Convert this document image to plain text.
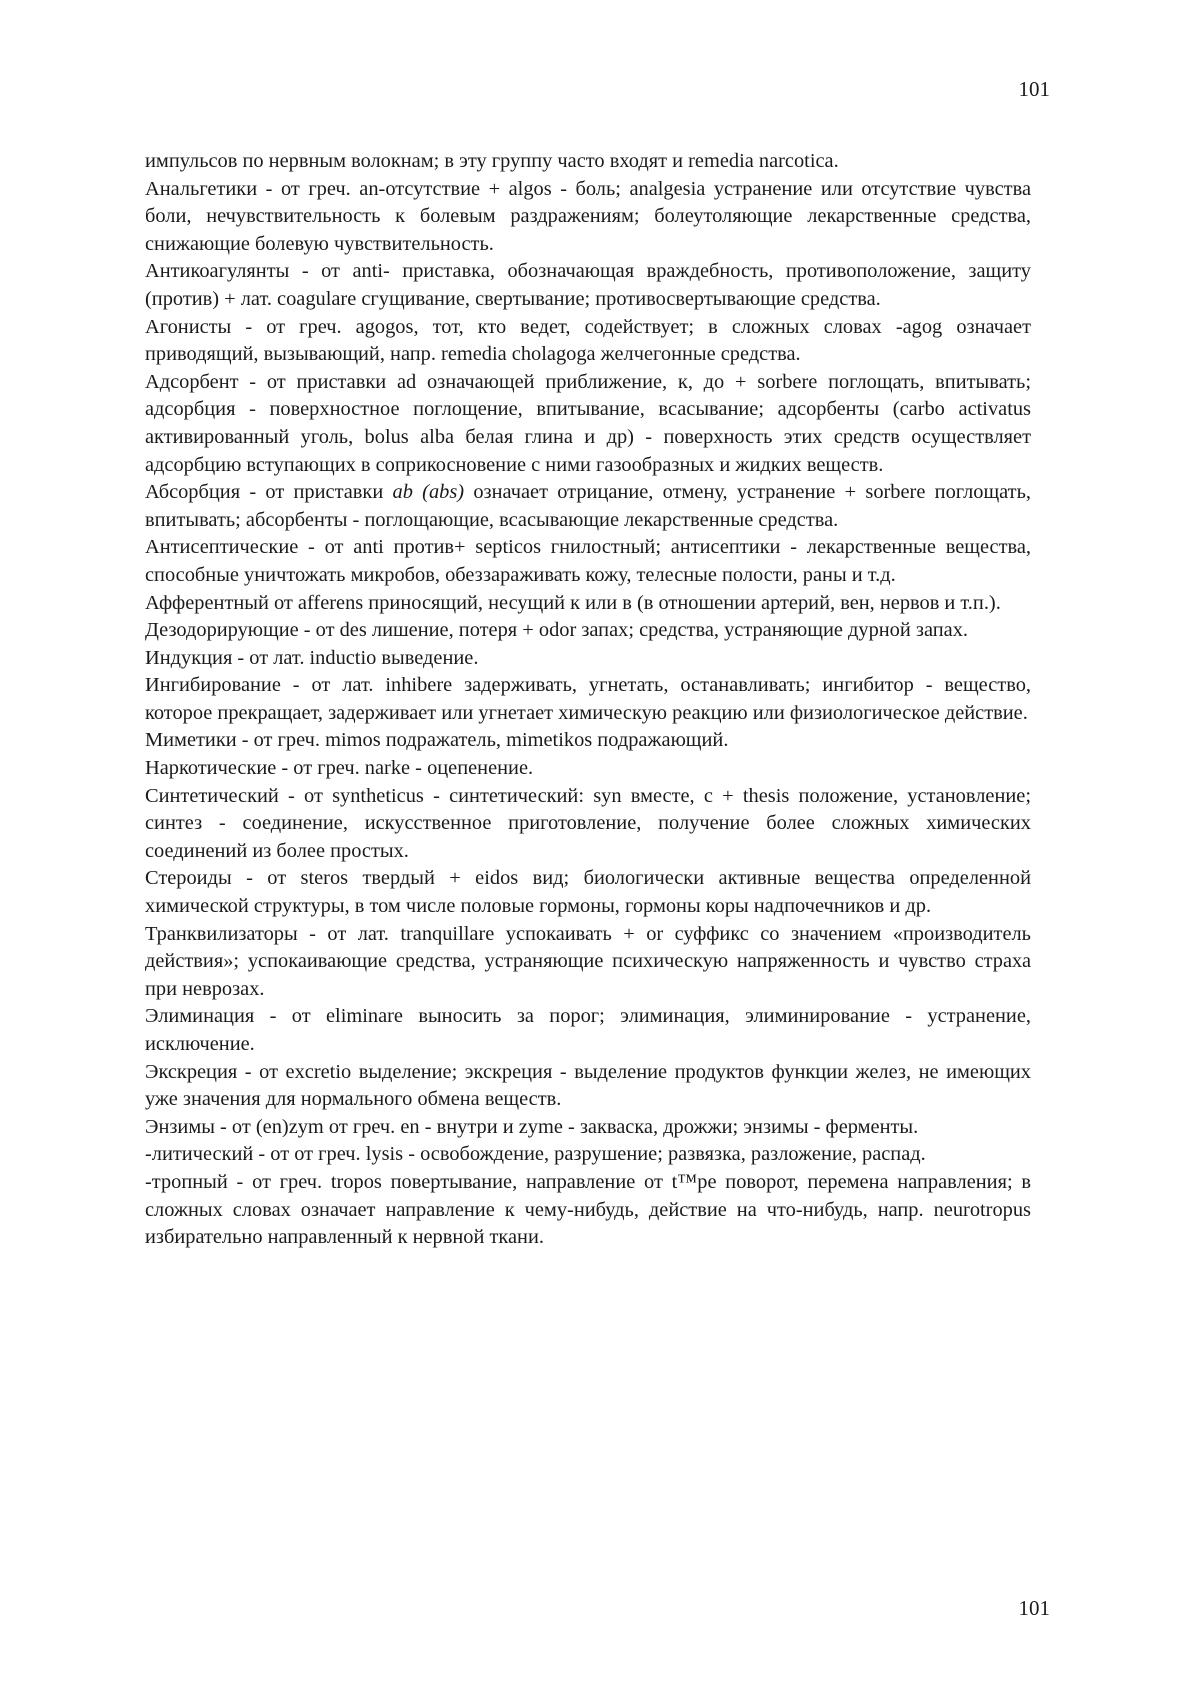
101

импульсов по нервным волокнам; в эту группу часто входят и remedia narcotica.

Анальгетики - от греч. an-отсутствие + algos - боль; analgesia устранение или отсутствие чувства боли, нечувствительность к болевым раздражениям; болеутоляющие лекарственные средства, снижающие болевую чувствительность.

Антикоагулянты - от anti- приставка, обозначающая враждебность, противоположение, защиту (против) + лат. coagulare сгущивание, свертывание; противосвертывающие средства.

Агонисты - от греч. agogos, тот, кто ведет, содействует; в сложных словах -agog означает приводящий, вызывающий, напр. remedia cholagoga желчегонные средства.

Адсорбент - от приставки ad означающей приближение, к, до + sorbere поглощать, впитывать; адсорбция - поверхностное поглощение, впитывание, всасывание; адсорбенты (carbo activatus активированный уголь, bolus alba белая глина и др) - поверхность этих средств осуществляет адсорбцию вступающих в соприкосновение с ними газообразных и жидких веществ.

Абсорбция - от приставки ab (abs) означает отрицание, отмену, устранение + sorbere поглощать, впитывать; абсорбенты - поглощающие, всасывающие лекарственные средства.

Антисептические - от anti против+ septicos гнилостный; антисептики - лекарственные вещества, способные уничтожать микробов, обеззараживать кожу, телесные полости, раны и т.д.

Афферентный от afferens приносящий, несущий к или в (в отношении артерий, вен, нервов и т.п.).

Дезодорирующие - от des лишение, потеря + odor запах; средства, устраняющие дурной запах.

Индукция - от лат. inductio выведение.

Ингибирование - от лат. inhibere задерживать, угнетать, останавливать; ингибитор - вещество, которое прекращает, задерживает или угнетает химическую реакцию или физиологическое действие.

Миметики - от греч. mimos подражатель, mimetikos подражающий.

Наркотические - от греч. narke - оцепенение.

Синтетический - от syntheticus - синтетический: syn вместе, с + thesis положение, установление; синтез - соединение, искусственное приготовление, получение более сложных химических соединений из более простых.

Стероиды - от steros твердый + eidos вид; биологически активные вещества определенной химической структуры, в том числе половые гормоны, гормоны коры надпочечников и др.

Транквилизаторы - от лат. tranquillare успокаивать + or суффикс со значением «производитель действия»; успокаивающие средства, устраняющие психическую напряженность и чувство страха при неврозах.

Элиминация - от eliminare выносить за порог; элиминация, элиминирование - устранение, исключение.

Экскреция - от excretio выделение; экскреция - выделение продуктов функции желез, не имеющих уже значения для нормального обмена веществ.

Энзимы - от (en)zym от греч. en - внутри и zyme - закваска, дрожжи; энзимы - ферменты.

-литический - от от греч. lysis - освобождение, разрушение; развязка, разложение, распад.

-тропный - от греч. tropos повертывание, направление от t™pe поворот, перемена направления; в сложных словах означает направление к чему-нибудь, действие на что-нибудь, напр. neurotropus избирательно направленный к нервной ткани.

101
